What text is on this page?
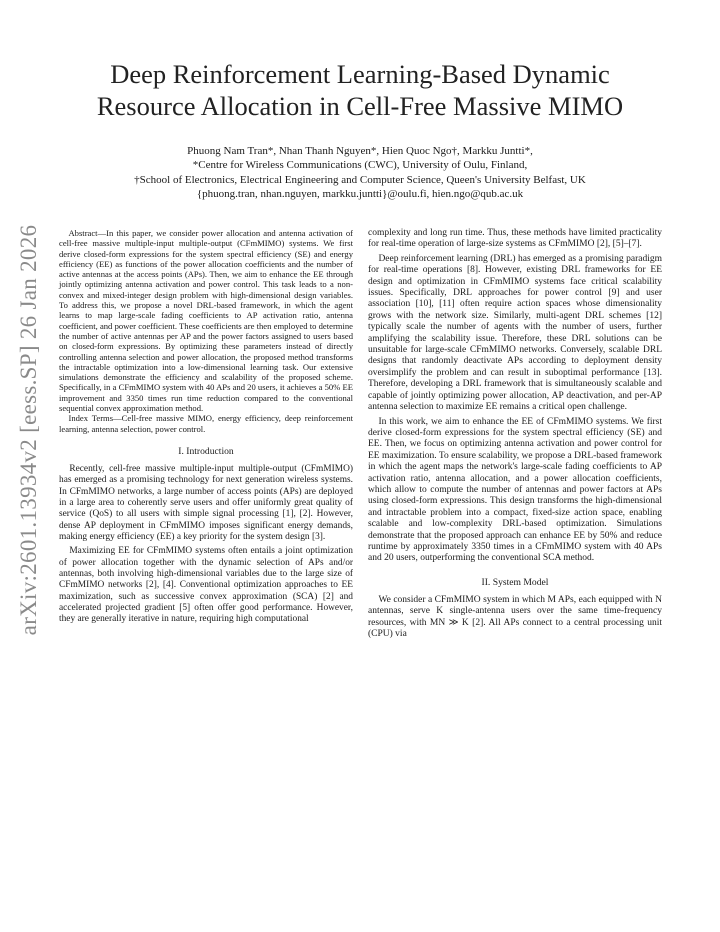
arXiv:2601.13934v2 [eess.SP] 26 Jan 2026
Deep Reinforcement Learning-Based Dynamic Resource Allocation in Cell-Free Massive MIMO
Phuong Nam Tran*, Nhan Thanh Nguyen*, Hien Quoc Ngo†, Markku Juntti*,
*Centre for Wireless Communications (CWC), University of Oulu, Finland,
†School of Electronics, Electrical Engineering and Computer Science, Queen's University Belfast, UK
{phuong.tran, nhan.nguyen, markku.juntti}@oulu.fi, hien.ngo@qub.ac.uk

Abstract—In this paper, we consider power allocation and antenna activation of cell-free massive multiple-input multiple-output (CFmMIMO) systems. We first derive closed-form expressions for the system spectral efficiency (SE) and energy efficiency (EE) as functions of the power allocation coefficients and the number of active antennas at the access points (APs). Then, we aim to enhance the EE through jointly optimizing antenna activation and power control. This task leads to a non-convex and mixed-integer design problem with high-dimensional design variables. To address this, we propose a novel DRL-based framework, in which the agent learns to map large-scale fading coefficients to AP activation ratio, antenna coefficient, and power coefficient. These coefficients are then employed to determine the number of active antennas per AP and the power factors assigned to users based on closed-form expressions. By optimizing these parameters instead of directly controlling antenna selection and power allocation, the proposed method transforms the intractable optimization into a low-dimensional learning task. Our extensive simulations demonstrate the efficiency and scalability of the proposed scheme. Specifically, in a CFmMIMO system with 40 APs and 20 users, it achieves a 50% EE improvement and 3350 times run time reduction compared to the conventional sequential convex approximation method.

Index Terms—Cell-free massive MIMO, energy efficiency, deep reinforcement learning, antenna selection, power control.

I. Introduction

Recently, cell-free massive multiple-input multiple-output (CFmMIMO) has emerged as a promising technology for next generation wireless systems. In CFmMIMO networks, a large number of access points (APs) are deployed in a large area to coherently serve users and offer uniformly great quality of service (QoS) to all users with simple signal processing [1], [2]. However, dense AP deployment in CFmMIMO imposes significant energy demands, making energy efficiency (EE) a key priority for the system design [3].

Maximizing EE for CFmMIMO systems often entails a joint optimization of power allocation together with the dynamic selection of APs and/or antennas, both involving high-dimensional variables due to the large size of CFmMIMO networks [2], [4]. Conventional optimization approaches to EE maximization, such as successive convex approximation (SCA) [2] and accelerated projected gradient [5] often offer good performance. However, they are generally iterative in nature, requiring high computational

complexity and long run time. Thus, these methods have limited practicality for real-time operation of large-size systems as CFmMIMO [2], [5]–[7].

Deep reinforcement learning (DRL) has emerged as a promising paradigm for real-time operations [8]. However, existing DRL frameworks for EE design and optimization in CFmMIMO systems face critical scalability issues. Specifically, DRL approaches for power control [9] and user association [10], [11] often require action spaces whose dimensionality grows with the network size. Similarly, multi-agent DRL schemes [12] typically scale the number of agents with the number of users, further amplifying the scalability issue. Therefore, these DRL solutions can be unsuitable for large-scale CFmMIMO networks. Conversely, scalable DRL designs that randomly deactivate APs according to deployment density oversimplify the problem and can result in suboptimal performance [13]. Therefore, developing a DRL framework that is simultaneously scalable and capable of jointly optimizing power allocation, AP deactivation, and per-AP antenna selection to maximize EE remains a critical open challenge.

In this work, we aim to enhance the EE of CFmMIMO systems. We first derive closed-form expressions for the system spectral efficiency (SE) and EE. Then, we focus on optimizing antenna activation and power control for EE maximization. To ensure scalability, we propose a DRL-based framework in which the agent maps the network's large-scale fading coefficients to AP activation ratio, antenna allocation, and a power allocation coefficients, which allow to compute the number of antennas and power factors at APs using closed-form expressions. This design transforms the high-dimensional and intractable problem into a compact, fixed-size action space, enabling scalable and low-complexity DRL-based optimization. Simulations demonstrate that the proposed approach can enhance EE by 50% and reduce runtime by approximately 3350 times in a CFmMIMO system with 40 APs and 20 users, outperforming the conventional SCA method.

II. System Model

We consider a CFmMIMO system in which M APs, each equipped with N antennas, serve K single-antenna users over the same time-frequency resources, with MN ≫ K [2]. All APs connect to a central processing unit (CPU) via
